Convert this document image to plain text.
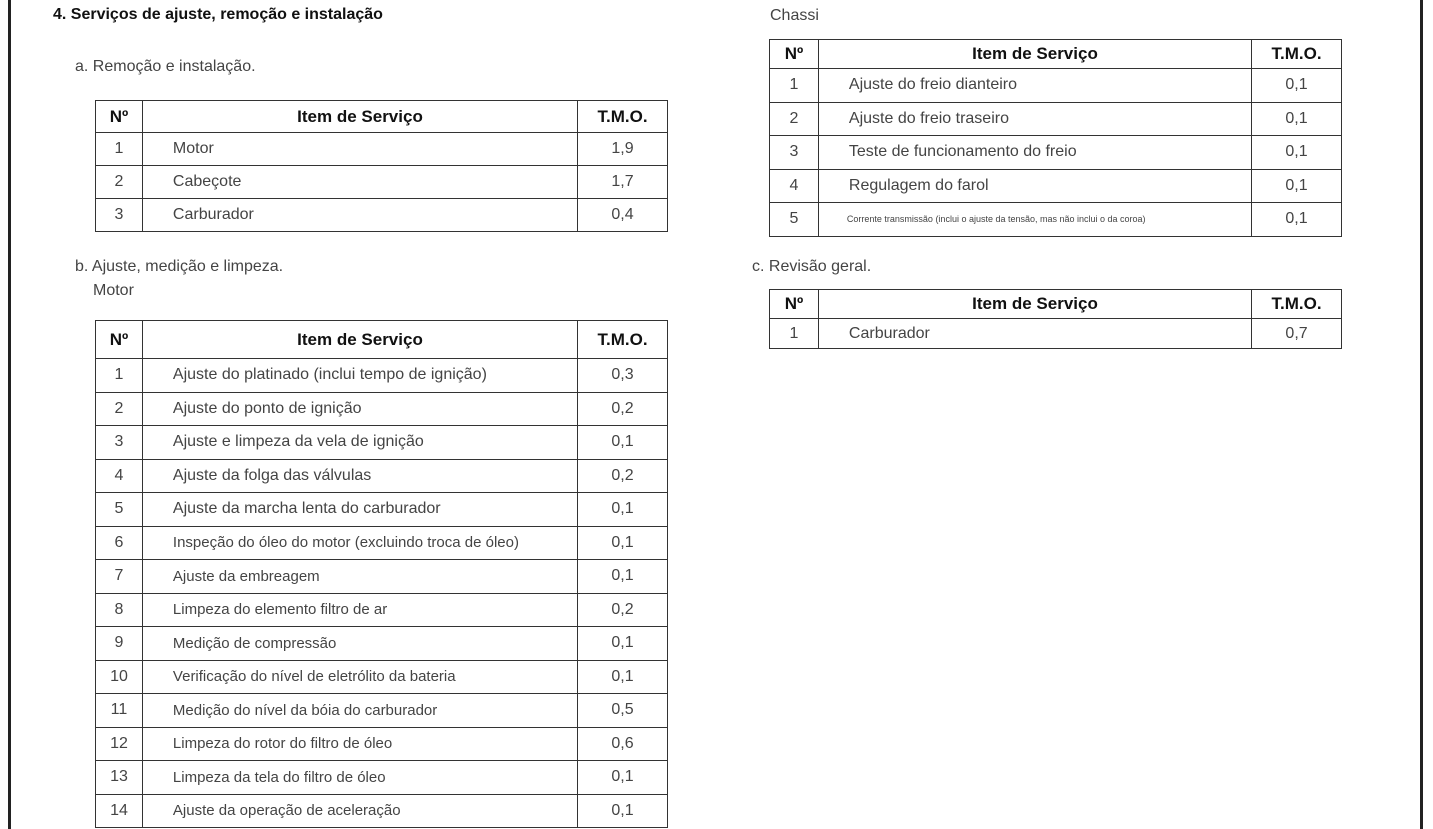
4. Serviços de ajuste, remoção e instalação
a. Remoção e instalação.
Nº	Item de Serviço	T.M.O.
1	Motor	1,9
2	Cabeçote	1,7
3	Carburador	0,4
b. Ajuste, medição e limpeza.
Motor
Nº	Item de Serviço	T.M.O.
1	Ajuste do platinado (inclui tempo de ignição)	0,3
2	Ajuste do ponto de ignição	0,2
3	Ajuste e limpeza da vela de ignição	0,1
4	Ajuste da folga das válvulas	0,2
5	Ajuste da marcha lenta do carburador	0,1
6	Inspeção do óleo do motor (excluindo troca de óleo)	0,1
7	Ajuste da embreagem	0,1
8	Limpeza do elemento filtro de ar	0,2
9	Medição de compressão	0,1
10	Verificação do nível de eletrólito da bateria	0,1
11	Medição do nível da bóia do carburador	0,5
12	Limpeza do rotor do filtro de óleo	0,6
13	Limpeza da tela do filtro de óleo	0,1
14	Ajuste da operação de aceleração	0,1
Chassi
Nº	Item de Serviço	T.M.O.
1	Ajuste do freio dianteiro	0,1
2	Ajuste do freio traseiro	0,1
3	Teste de funcionamento do freio	0,1
4	Regulagem do farol	0,1
5	Corrente transmissão (inclui o ajuste da tensão, mas não inclui o da coroa)	0,1
c. Revisão geral.
Nº	Item de Serviço	T.M.O.
1	Carburador	0,7
